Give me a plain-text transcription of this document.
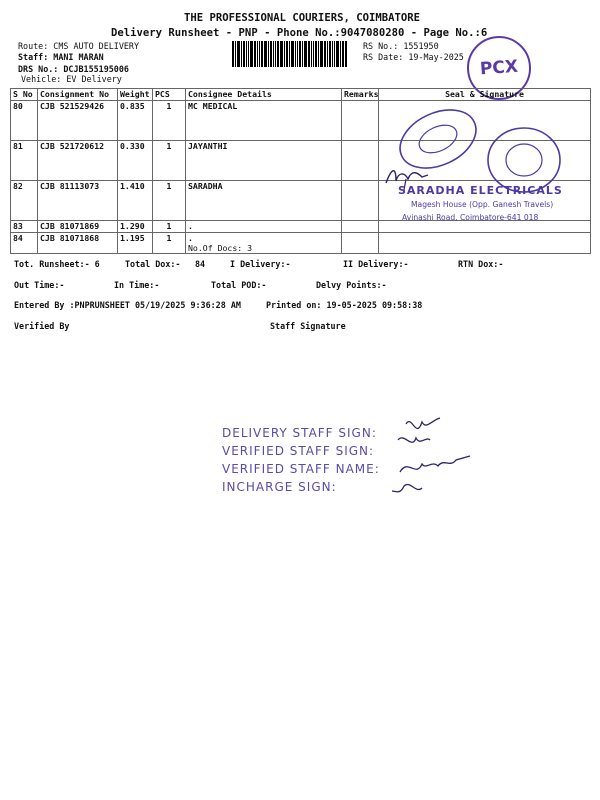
THE PROFESSIONAL COURIERS, COIMBATORE
Delivery Runsheet - PNP - Phone No.:9047080280 - Page No.:6
Route: CMS AUTO DELIVERY
Staff: MANI MARAN
DRS No.: DCJB155195006
Vehicle: EV Delivery
RS No.: 1551950
RS Date: 19-May-2025 PCX
S No	Consignment No	Weight	PCS	Consignee Details	Remarks	Seal & Signature
80	CJB 521529426	0.835	1	MC MEDICAL		
81	CJB 521720612	0.330	1	JAYANTHI		
82	CJB 81113073	1.410	1	SARADHA		
83	CJB 81071869	1.290	1	.		
84	CJB 81071868	1.195	1	.
No.Of Docs: 3		

SARADHA ELECTRICALS
Magesh House (Opp. Ganesh Travels)
Avinashi Road, Coimbatore-641 018
Tot. Runsheet:- 6	Total Dox:- 84	I Delivery:-	II Delivery:-	RTN Dox:-
Out Time:-	In Time:-	Total POD:-	Delvy Points:-
Entered By :PNPRUNSHEET 05/19/2025 9:36:28 AM	Printed on: 19-05-2025 09:58:38
Verified By	Staff Signature
DELIVERY STAFF SIGN:
VERIFIED STAFF SIGN:
VERIFIED STAFF NAME:
INCHARGE SIGN:
